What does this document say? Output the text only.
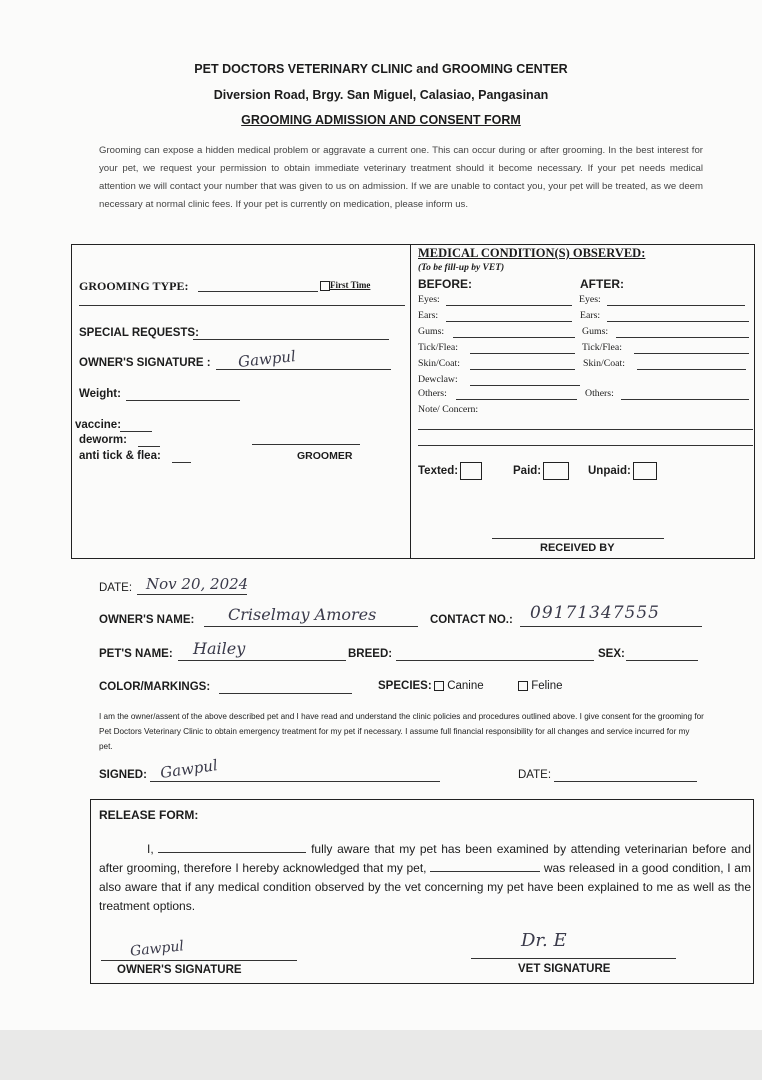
PET DOCTORS VETERINARY CLINIC and GROOMING CENTER
Diversion Road, Brgy. San Miguel, Calasiao, Pangasinan
GROOMING ADMISSION AND CONSENT FORM
Grooming can expose a hidden medical problem or aggravate a current one. This can occur during or after grooming. In the best interest for your pet, we request your permission to obtain immediate veterinary treatment should it become necessary. If your pet needs medical attention we will contact your number that was given to us on admission. If we are unable to contact you, your pet will be treated, as we deem necessary at normal clinic fees. If your pet is currently on medication, please inform us.
GROOMING TYPE:	First Time
SPECIAL REQUESTS:
OWNER'S SIGNATURE : Gawpul
Weight:
vaccine:
deworm:
anti tick & flea:	GROOMER
MEDICAL CONDITION(S) OBSERVED:
(To be fill-up by VET)
BEFORE:	AFTER:
Eyes:	Eyes:
Ears:	Ears:
Gums:	Gums:
Tick/Flea:	Tick/Flea:
Skin/Coat:	Skin/Coat:
Dewclaw:
Others:	Others:
Note/ Concern:
Texted:	Paid:	Unpaid:
RECEIVED BY
DATE: Nov 20, 2024
OWNER'S NAME: Criselmay Amores	CONTACT NO.: 09171347555
PET'S NAME: Hailey	BREED:	SEX:
COLOR/MARKINGS:	SPECIES:	Canine	Feline
I am the owner/assent of the above described pet and I have read and understand the clinic policies and procedures outlined above. I give consent for the grooming for Pet Doctors Veterinary Clinic to obtain emergency treatment for my pet if necessary. I assume full financial responsibility for all changes and service incurred for my pet.
SIGNED: Gawpul	DATE:
RELEASE FORM:
I,	fully aware that my pet has been examined by attending veterinarian before and after grooming, therefore I hereby acknowledged that my pet,	was released in a good condition, I am also aware that if any medical condition observed by the vet concerning my pet have been explained to me as well as the treatment options.
Gawpul
OWNER'S SIGNATURE
Dr. E
VET SIGNATURE
